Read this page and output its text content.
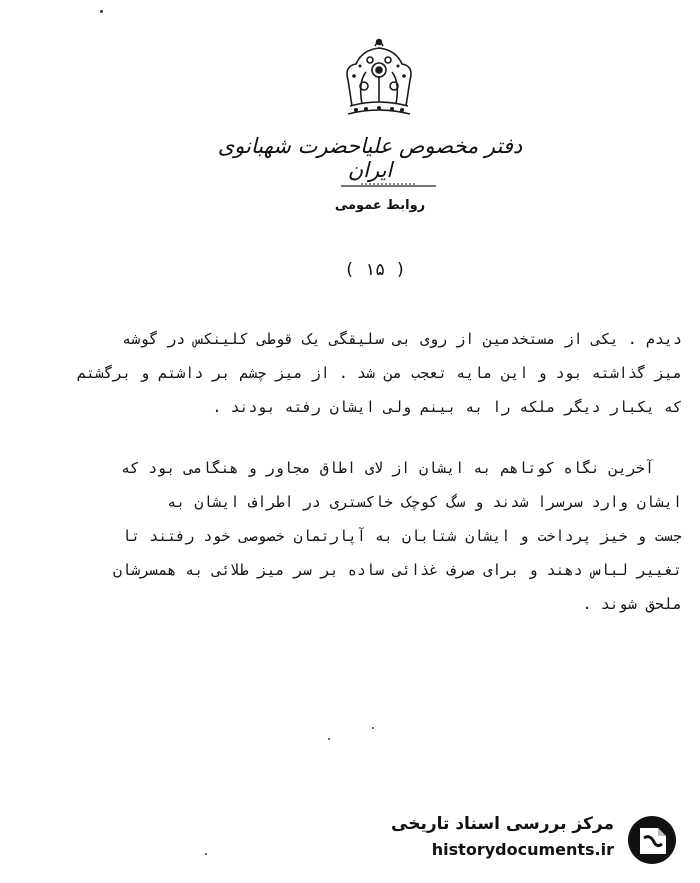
دفتر مخصوص علیاحضرت شهبانوی ایران
روابط عمومی
( ۱۵ )
دیدم . یکی از مستخدمین از روی بی سلیقگی یک قوطی کلینکس در گوشه
میز گذاشته بود و این مایه تعجب من شد . از میز چشم بر داشتم و برگشتم
که یکبار دیگر ملکه را به بینم ولی ایشان رفته بودند .
آخرین نگاه کوتاهم به ایشان از لای اطاق مجاور و هنگامی بود که
ایشان وارد سرسرا شدند و سگ کوچک خاکستری در اطراف ایشان به
جست و خیز پرداخت و ایشان شتابان به آپارتمان خصوصی خود رفتند تا
تغییر لباس دهند و برای صرف غذائی ساده بر سر میز طلائی به همسرشان
ملحق شوند .
مرکز بررسی اسناد تاریخی
historydocuments.ir
